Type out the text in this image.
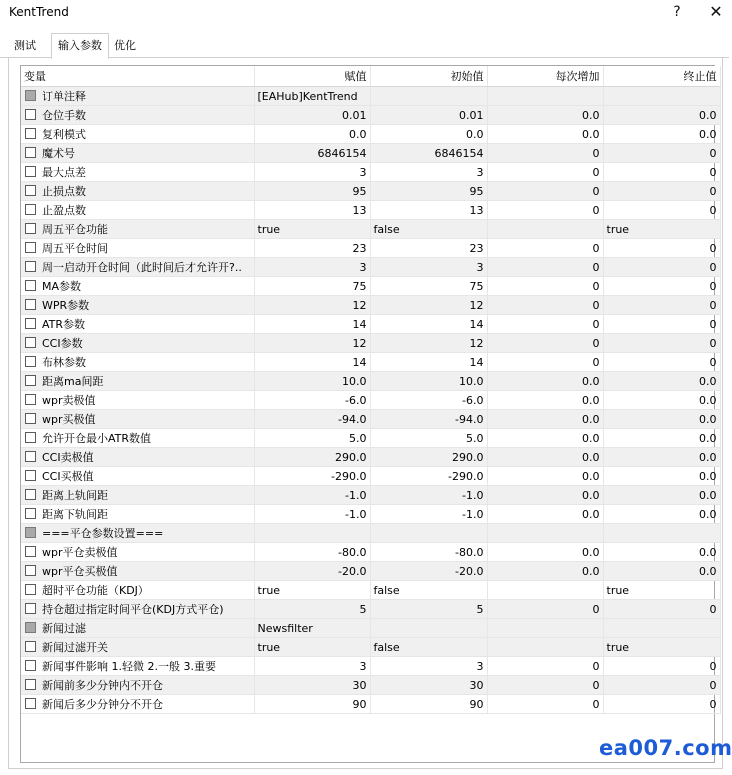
KentTrend	?	✕
测试	输入参数	优化
变量	赋值	初始值	每次增加	终止值
订单注释	[EAHub]KentTrend			
仓位手数	0.01	0.01	0.0	0.0
复利模式	0.0	0.0	0.0	0.0
魔术号	6846154	6846154	0	0
最大点差	3	3	0	0
止损点数	95	95	0	0
止盈点数	13	13	0	0
周五平仓功能	true	false		true
周五平仓时间	23	23	0	0
周一启动开仓时间（此时间后才允许开?..	3	3	0	0
MA参数	75	75	0	0
WPR参数	12	12	0	0
ATR参数	14	14	0	0
CCI参数	12	12	0	0
布林参数	14	14	0	0
距离ma间距	10.0	10.0	0.0	0.0
wpr卖极值	-6.0	-6.0	0.0	0.0
wpr买极值	-94.0	-94.0	0.0	0.0
允许开仓最小ATR数值	5.0	5.0	0.0	0.0
CCI卖极值	290.0	290.0	0.0	0.0
CCI买极值	-290.0	-290.0	0.0	0.0
距离上轨间距	-1.0	-1.0	0.0	0.0
距离下轨间距	-1.0	-1.0	0.0	0.0
===平仓参数设置===				
wpr平仓卖极值	-80.0	-80.0	0.0	0.0
wpr平仓买极值	-20.0	-20.0	0.0	0.0
超时平仓功能（KDJ）	true	false		true
持仓超过指定时间平仓(KDJ方式平仓)	5	5	0	0
新闻过滤	Newsfilter			
新闻过滤开关	true	false		true
新闻事件影响 1.轻微 2.一般 3.重要	3	3	0	0
新闻前多少分钟内不开仓	30	30	0	0
新闻后多少分钟分不开仓	90	90	0	0
ea007.com
